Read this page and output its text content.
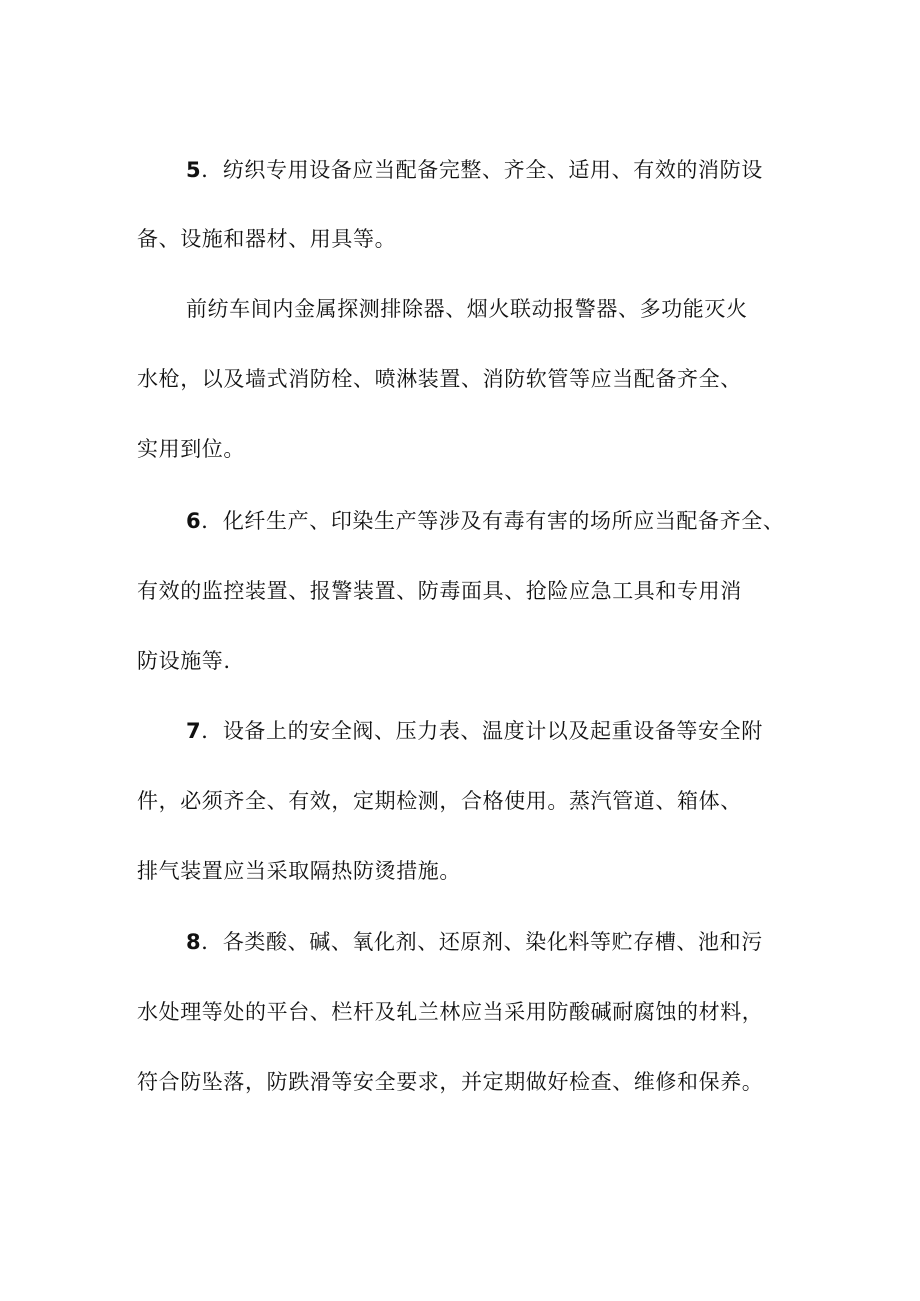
5．纺织专用设备应当配备完整、齐全、适用、有效的消防设
备、设施和器材、用具等。
前纺车间内金属探测排除器、烟火联动报警器、多功能灭火
水枪，以及墙式消防栓、喷淋装置、消防软管等应当配备齐全、
实用到位。
6．化纤生产、印染生产等涉及有毒有害的场所应当配备齐全、
有效的监控装置、报警装置、防毒面具、抢险应急工具和专用消
防设施等.
7．设备上的安全阀、压力表、温度计以及起重设备等安全附
件，必须齐全、有效，定期检测，合格使用。蒸汽管道、箱体、
排气装置应当采取隔热防烫措施。
8．各类酸、碱、氧化剂、还原剂、染化料等贮存槽、池和污
水处理等处的平台、栏杆及轧兰林应当采用防酸碱耐腐蚀的材料，
符合防坠落，防跌滑等安全要求，并定期做好检查、维修和保养。
